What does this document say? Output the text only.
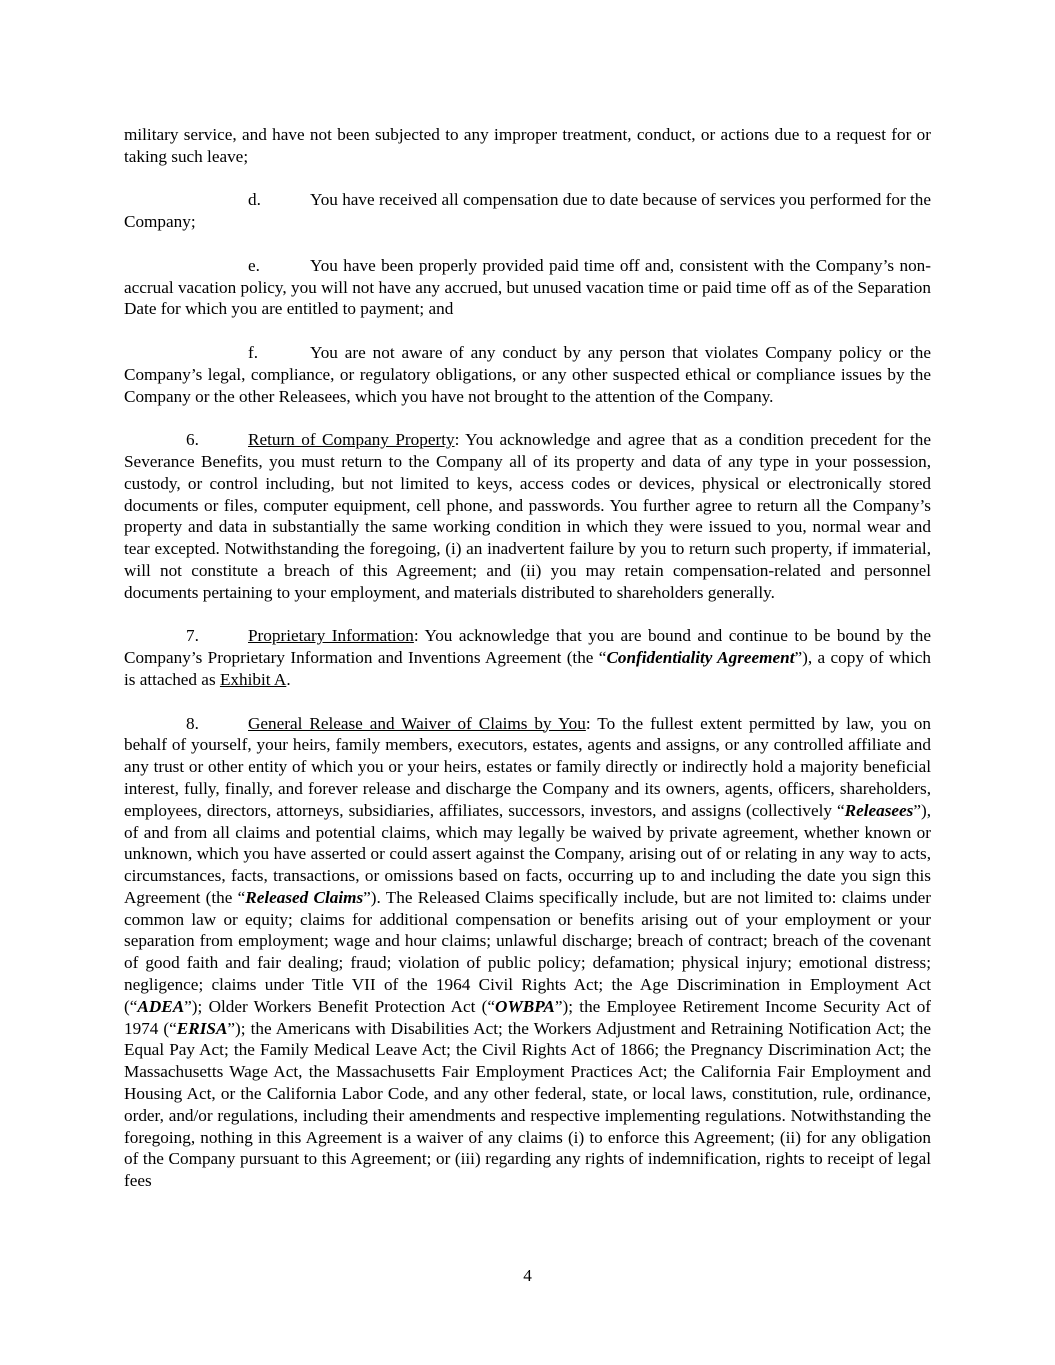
military service, and have not been subjected to any improper treatment, conduct, or actions due to a request for or taking such leave;

d.	You have received all compensation due to date because of services you performed for the Company;

e.	You have been properly provided paid time off and, consistent with the Company’s non-accrual vacation policy, you will not have any accrued, but unused vacation time or paid time off as of the Separation Date for which you are entitled to payment; and

f.	You are not aware of any conduct by any person that violates Company policy or the Company’s legal, compliance, or regulatory obligations, or any other suspected ethical or compliance issues by the Company or the other Releasees, which you have not brought to the attention of the Company.

6.	Return of Company Property: You acknowledge and agree that as a condition precedent for the Severance Benefits, you must return to the Company all of its property and data of any type in your possession, custody, or control including, but not limited to keys, access codes or devices, physical or electronically stored documents or files, computer equipment, cell phone, and passwords. You further agree to return all the Company’s property and data in substantially the same working condition in which they were issued to you, normal wear and tear excepted. Notwithstanding the foregoing, (i) an inadvertent failure by you to return such property, if immaterial, will not constitute a breach of this Agreement; and (ii) you may retain compensation-related and personnel documents pertaining to your employment, and materials distributed to shareholders generally.

7.	Proprietary Information: You acknowledge that you are bound and continue to be bound by the Company’s Proprietary Information and Inventions Agreement (the “Confidentiality Agreement”), a copy of which is attached as Exhibit A.

8.	General Release and Waiver of Claims by You: To the fullest extent permitted by law, you on behalf of yourself, your heirs, family members, executors, estates, agents and assigns, or any controlled affiliate and any trust or other entity of which you or your heirs, estates or family directly or indirectly hold a majority beneficial interest, fully, finally, and forever release and discharge the Company and its owners, agents, officers, shareholders, employees, directors, attorneys, subsidiaries, affiliates, successors, investors, and assigns (collectively “Releasees”), of and from all claims and potential claims, which may legally be waived by private agreement, whether known or unknown, which you have asserted or could assert against the Company, arising out of or relating in any way to acts, circumstances, facts, transactions, or omissions based on facts, occurring up to and including the date you sign this Agreement (the “Released Claims”). The Released Claims specifically include, but are not limited to: claims under common law or equity; claims for additional compensation or benefits arising out of your employment or your separation from employment; wage and hour claims; unlawful discharge; breach of contract; breach of the covenant of good faith and fair dealing; fraud; violation of public policy; defamation; physical injury; emotional distress; negligence; claims under Title VII of the 1964 Civil Rights Act; the Age Discrimination in Employment Act (“ADEA”); Older Workers Benefit Protection Act (“OWBPA”); the Employee Retirement Income Security Act of 1974 (“ERISA”); the Americans with Disabilities Act; the Workers Adjustment and Retraining Notification Act; the Equal Pay Act; the Family Medical Leave Act; the Civil Rights Act of 1866; the Pregnancy Discrimination Act; the Massachusetts Wage Act, the Massachusetts Fair Employment Practices Act; the California Fair Employment and Housing Act, or the California Labor Code, and any other federal, state, or local laws, constitution, rule, ordinance, order, and/or regulations, including their amendments and respective implementing regulations. Notwithstanding the foregoing, nothing in this Agreement is a waiver of any claims (i) to enforce this Agreement; (ii) for any obligation of the Company pursuant to this Agreement; or (iii) regarding any rights of indemnification, rights to receipt of legal fees

4
